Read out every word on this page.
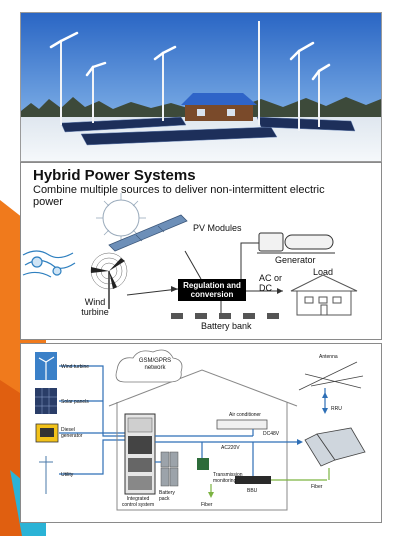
Hybrid Power Systems
Combine multiple sources to deliver non-intermittent electric power
PV Modules
Generator
Regulation and conversion
AC or DC
Load
Wind turbine
Battery bank
Wind turbine
Solar panels
Diesel generator
Utility
GSM/GPRS network
Air conditioner
AC220V
DC48V
Antenna
RRU
Transmission monitoring
Integrated control system
Battery pack
Fiber
BBU
Fiber
